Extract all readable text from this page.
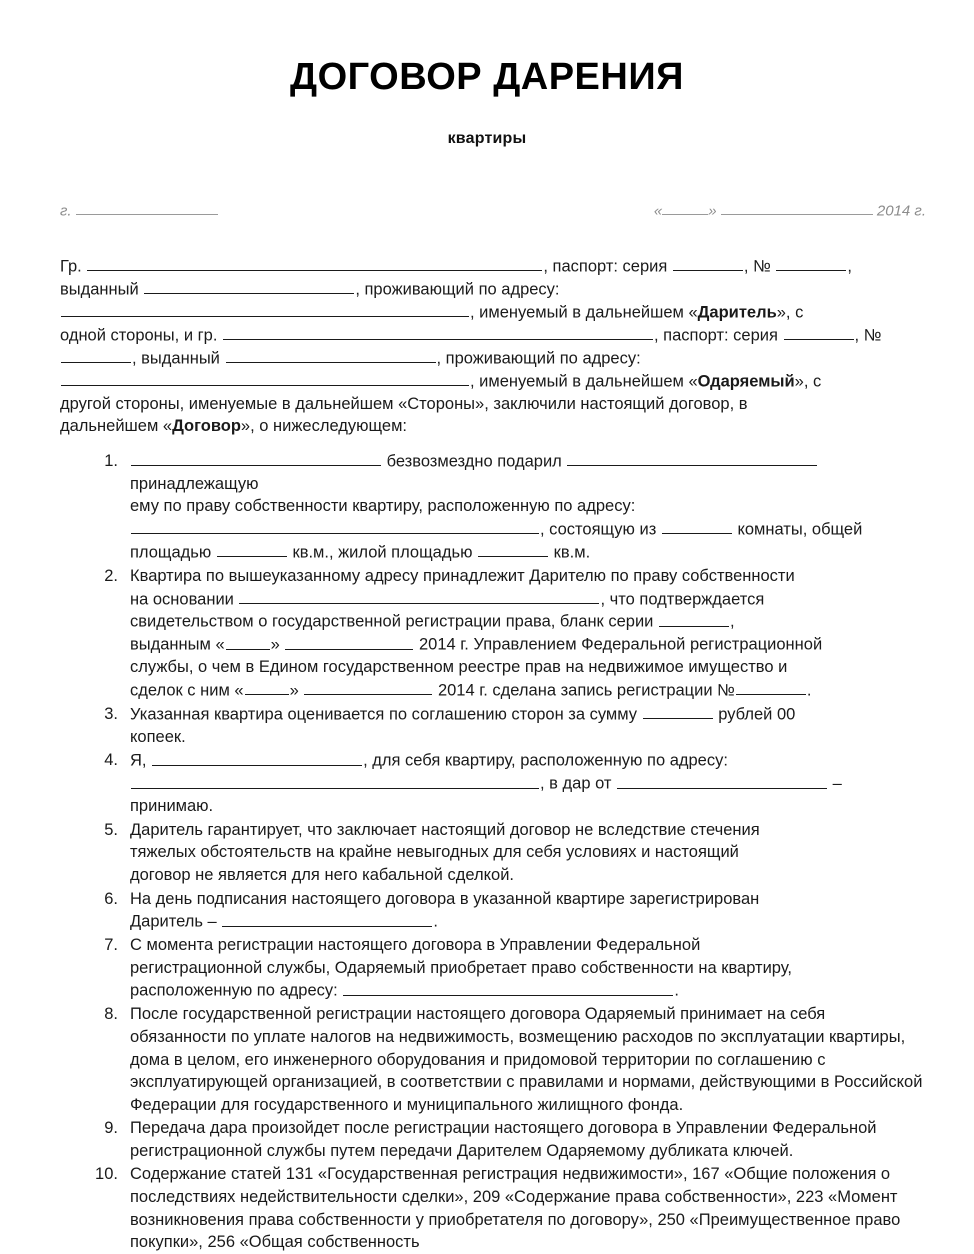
ДОГОВОР ДАРЕНИЯ
квартиры
г.	«	»	2014 г.

Гр.	, паспорт: серия	, №	,
выданный	, проживающий по адресу:
, именуемый в дальнейшем «Даритель», с
одной стороны, и гр.	, паспорт: серия	, №
, выданный	, проживающий по адресу:
, именуемый в дальнейшем «Одаряемый», с
другой стороны, именуемые в дальнейшем «Стороны», заключили настоящий договор, в
дальнейшем «Договор», о нижеследующем:

безвозмездно подарил  принадлежащую
ему по праву собственности квартиру, расположенную по адресу:
, состоящую из	комнаты, общей
площадью	кв.м., жилой площадью	кв.м.
Квартира по вышеуказанному адресу принадлежит Дарителю по праву собственности
на основании	, что подтверждается
свидетельством о государственной регистрации права, бланк серии	,
выданным «	»	2014 г. Управлением Федеральной регистрационной
службы, о чем в Едином государственном реестре прав на недвижимое имущество и
сделок с ним «	»	2014 г. сделана запись регистрации №	.
Указанная квартира оценивается по соглашению сторон за сумму	рублей 00
копеек.
Я,	, для себя квартиру, расположенную по адресу:
, в дар от	–
принимаю.
Даритель гарантирует, что заключает настоящий договор не вследствие стечения
тяжелых обстоятельств на крайне невыгодных для себя условиях и настоящий
договор не является для него кабальной сделкой.
На день подписания настоящего договора в указанной квартире зарегистрирован
Даритель –	.
С момента регистрации настоящего договора в Управлении Федеральной
регистрационной службы, Одаряемый приобретает право собственности на квартиру,
расположенную по адресу:	.
После государственной регистрации настоящего договора Одаряемый принимает на себя обязанности по уплате налогов на недвижимость, возмещению расходов по эксплуатации квартиры, дома в целом, его инженерного оборудования и придомовой территории по соглашению с эксплуатирующей организацией, в соответствии с правилами и нормами, действующими в Российской Федерации для государственного и муниципального жилищного фонда.
Передача дара произойдет после регистрации настоящего договора в Управлении Федеральной регистрационной службы путем передачи Дарителем Одаряемому дубликата ключей.
Содержание статей 131 «Государственная регистрация недвижимости», 167 «Общие положения о последствиях недействительности сделки», 209 «Содержание права собственности», 223 «Момент возникновения права собственности у приобретателя по договору», 250 «Преимущественное право покупки», 256 «Общая собственность
